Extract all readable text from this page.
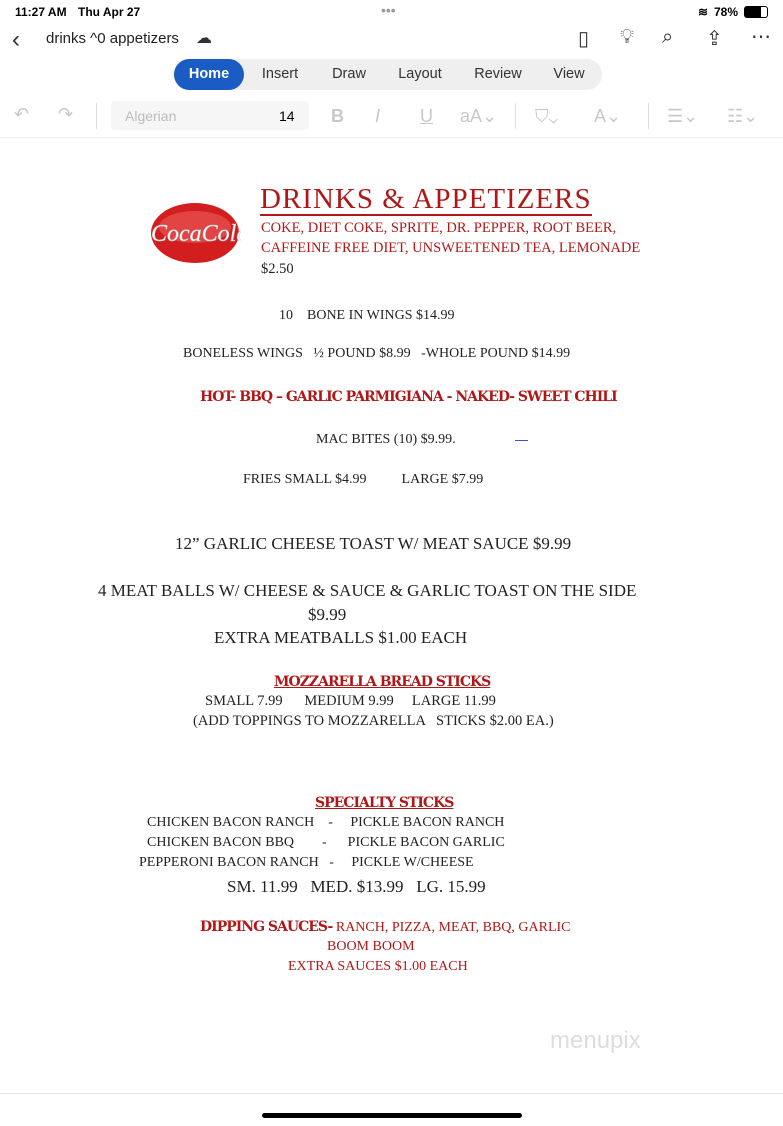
11:27 AM Thu Apr 27	•••	≋ 78%
‹ drinks ^0 appetizers ☁	▯ 💡︎ ⌕ ⇪ ⋯
Home	Insert	Draw	Layout	Review	View
↶ ↷	Algerian	14 B I U aA⌄ ⛉⌄ A⌄	☰⌄ ☷⌄
CocaCola
DRINKS & APPETIZERS
COKE, DIET COKE, SPRITE, DR. PEPPER, ROOT BEER,
CAFFEINE FREE DIET, UNSWEETENED TEA, LEMONADE
$2.50
10    BONE IN WINGS $14.99
BONELESS WINGS   ½ POUND $8.99   -WHOLE POUND $14.99
HOT- BBQ – GARLIC PARMIGIANA - NAKED- SWEET CHILI
MAC BITES (10) $9.99.
FRIES SMALL $4.99          LARGE $7.99
12” GARLIC CHEESE TOAST W/ MEAT SAUCE $9.99
4 MEAT BALLS W/ CHEESE & SAUCE & GARLIC TOAST ON THE SIDE
$9.99
EXTRA MEATBALLS $1.00 EACH
MOZZARELLA BREAD STICKS
SMALL 7.99      MEDIUM 9.99     LARGE 11.99
(ADD TOPPINGS TO MOZZARELLA   STICKS $2.00 EA.)
SPECIALTY STICKS
CHICKEN BACON RANCH    -     PICKLE BACON RANCH
CHICKEN BACON BBQ        -      PICKLE BACON GARLIC
PEPPERONI BACON RANCH   -     PICKLE W/CHEESE
SM. 11.99   MED. $13.99   LG. 15.99
DIPPING SAUCES- RANCH, PIZZA, MEAT, BBQ, GARLIC
BOOM BOOM
EXTRA SAUCES $1.00 EACH
menupix
